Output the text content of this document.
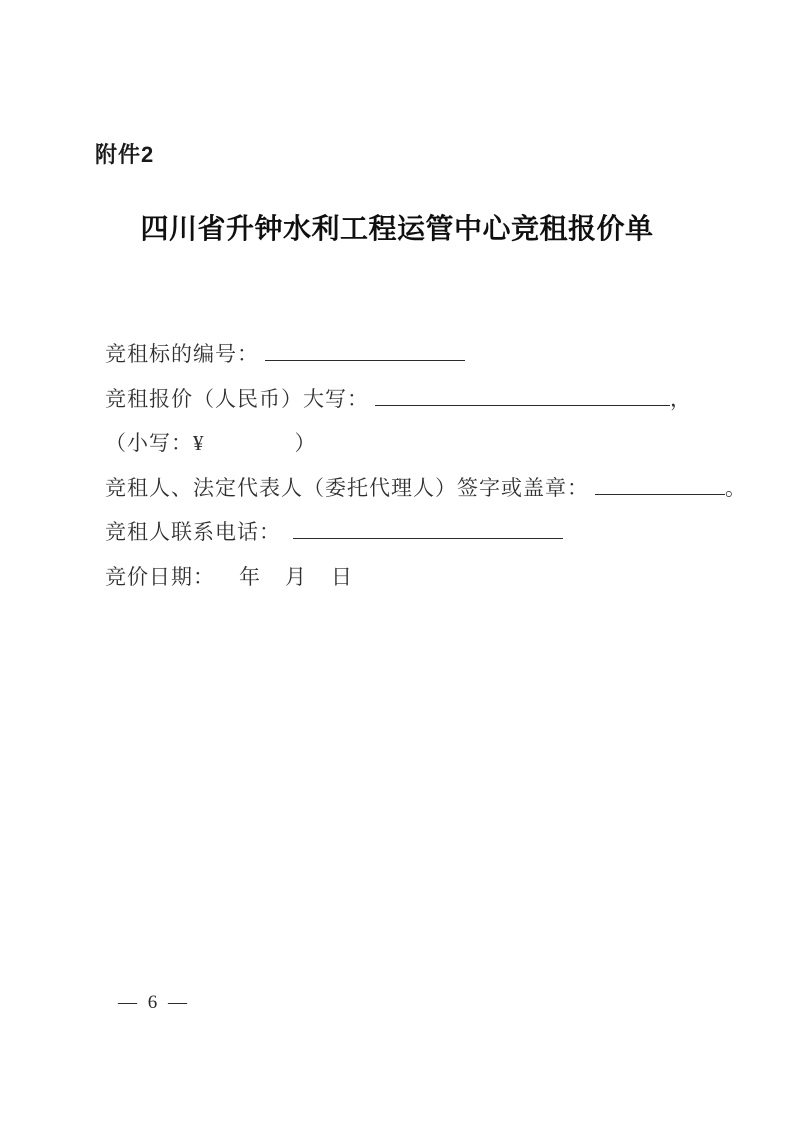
附件2
四川省升钟水利工程运管中心竞租报价单
竞租标的编号：
竞租报价（人民币）大写：	，
（小写：¥	）
竞租人、法定代表人（委托代理人）签字或盖章：	。
竞租人联系电话：
竞价日期： 年 月 日
— 6 —
